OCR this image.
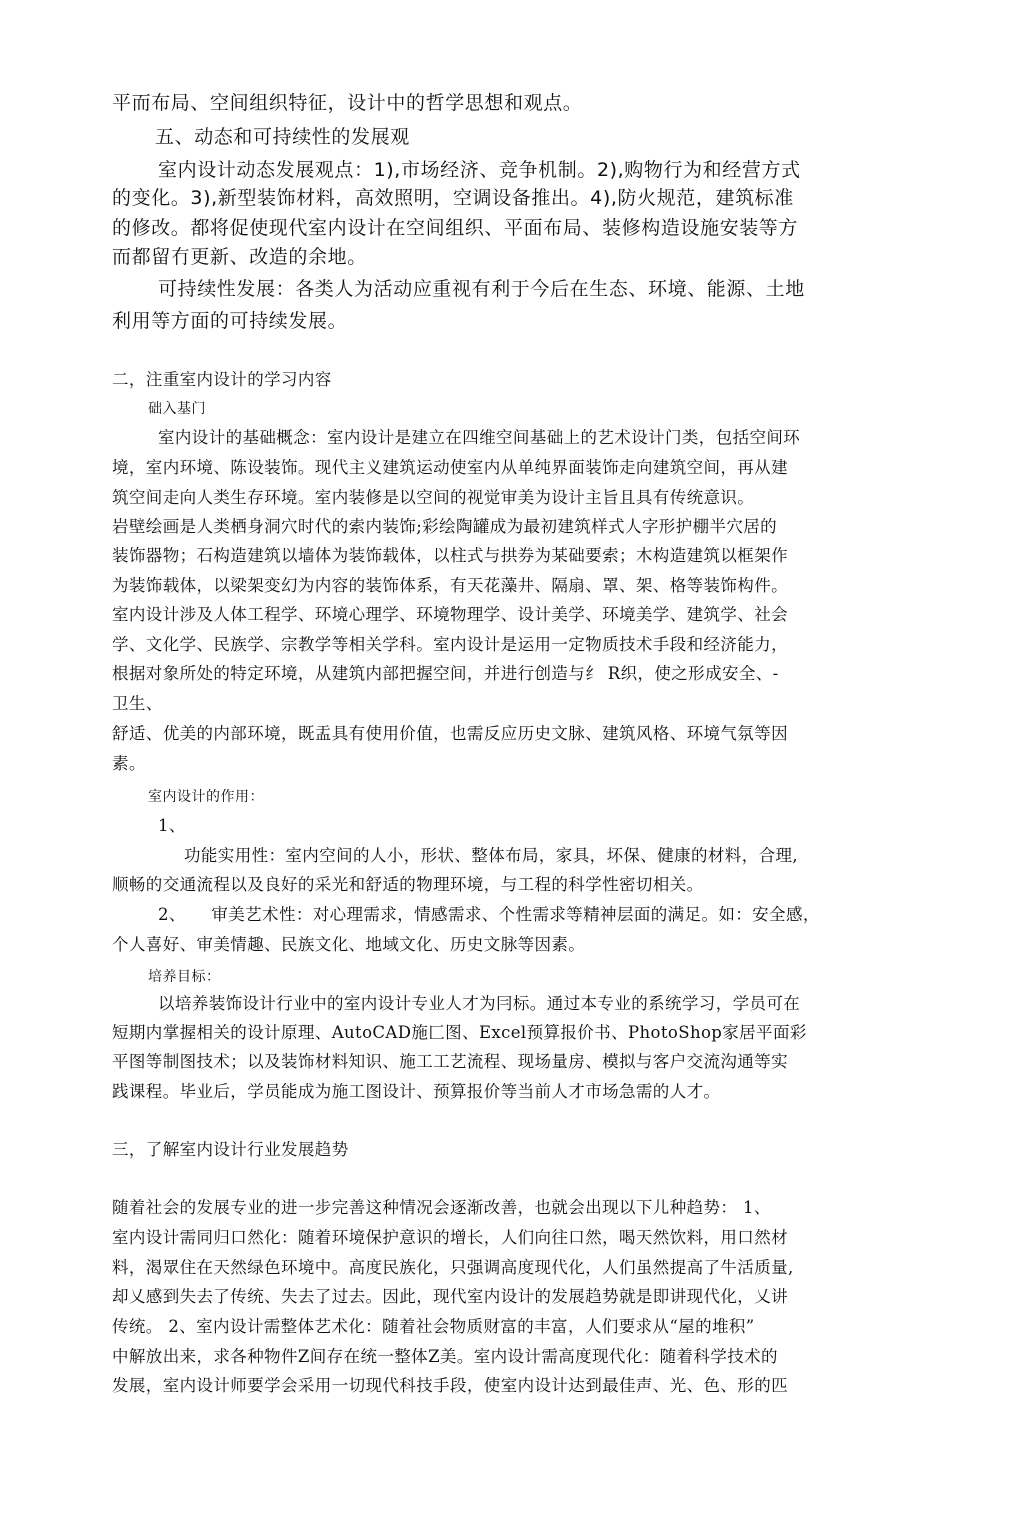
平而布局、空间组织特征，设计中的哲学思想和观点。
五、动态和可持续性的发展观
室内设计动态发展观点：1),市场经济、竞争机制。2),购物行为和经营方式
的变化。3),新型装饰材料，高效照明，空调设备推出。4),防火规范，建筑标准
的修改。都将促使现代室内设计在空间组织、平面布局、装修构造设施安装等方
而都留冇更新、改造的余地。
可持续性发展：各类人为活动应重视有利于今后在生态、环境、能源、土地
利用等方面的可持续发展。
二，注重室内设计的学习内容
础入基门
室内设计的基础概念：室内设计是建立在四维空间基础上的艺术设计门类，包括空间环
境，室内环境、陈设装饰。现代主义建筑运动使室内从单纯界面装饰走向建筑空间，再从建
筑空间走向人类生存环境。室内装修是以空间的视觉审美为设计主旨且具有传统意识。
岩壁绘画是人类栖身洞穴时代的索内装饰;彩绘陶罐成为最初建筑样式人字形护棚半穴居的
装饰器物；石构造建筑以墙体为装饰载体，以柱式与拱券为某础要索；木构造建筑以框架作
为装饰载体，以梁架变幻为内容的装饰体系，有天花藻井、隔扇、罩、架、格等装饰构件。
室内设计涉及人体工程学、环境心理学、环境物理学、设计美学、环境美学、建筑学、社会
学、文化学、民族学、宗教学等相关学科。室内设计是运用一定物质技术手段和经济能力，
根据对象所处的特定环境，从建筑内部把握空间，并进行创造与纟 R织，使之形成安全、-
卫生、
舒适、优美的内部环境，既盂具有使用价值，也需反应历史文脉、建筑风格、环境气氛等因
素。
室内设计的作用：
1、
功能实用性：室内空间的人小，形状、整体布局，家具，坏保、健康的材料，合理,
顺畅的交通流程以及良好的采光和舒适的物理环境，与工程的科学性密切相关。
2、　　审美艺术性：对心理需求，情感需求、个性需求等精神层面的满足。如：安全感，
个人喜好、审美情趣、民族文化、地域文化、历史文脉等因素。
培养目标：
以培养装饰设计行业中的室内设计专业人才为冃标。通过本专业的系统学习，学员可在
短期内掌握相关的设计原理、AutoCAD施匚图、Excel预算报价书、PhotoShop家居平面彩
平图等制图技术；以及装饰材料知识、施工工艺流程、现场量房、模拟与客户交流沟通等实
践课程。毕业后，学员能成为施工图设计、预算报价等当前人才市场急需的人才。
三，了解室内设计行业发展趋势
随着社会的发展专业的进一步完善这种情况会逐渐改善，也就会出现以下儿种趋势： 1、
室内设计需同归口然化：随着环境保护意识的增长，人们向往口然，喝天然饮料，用口然材
料，渴眾住在天然绿色环境中。高度民族化，只强调高度现代化，人们虽然提高了牛活质量,
却乂感到失去了传统、失去了过去。因此，现代室内设计的发展趋势就是即讲现代化，乂讲
传统。 2、室内设计需整体艺术化：随着社会物质财富的丰富，人们要求从“屋的堆积”
中解放出来，求各种物件Z间存在统一整体Z美。室内设计需高度现代化：随着科学技术的
发展，室内设计师要学会采用一切现代科技手段，使室内设计达到最佳声、光、色、形的匹
